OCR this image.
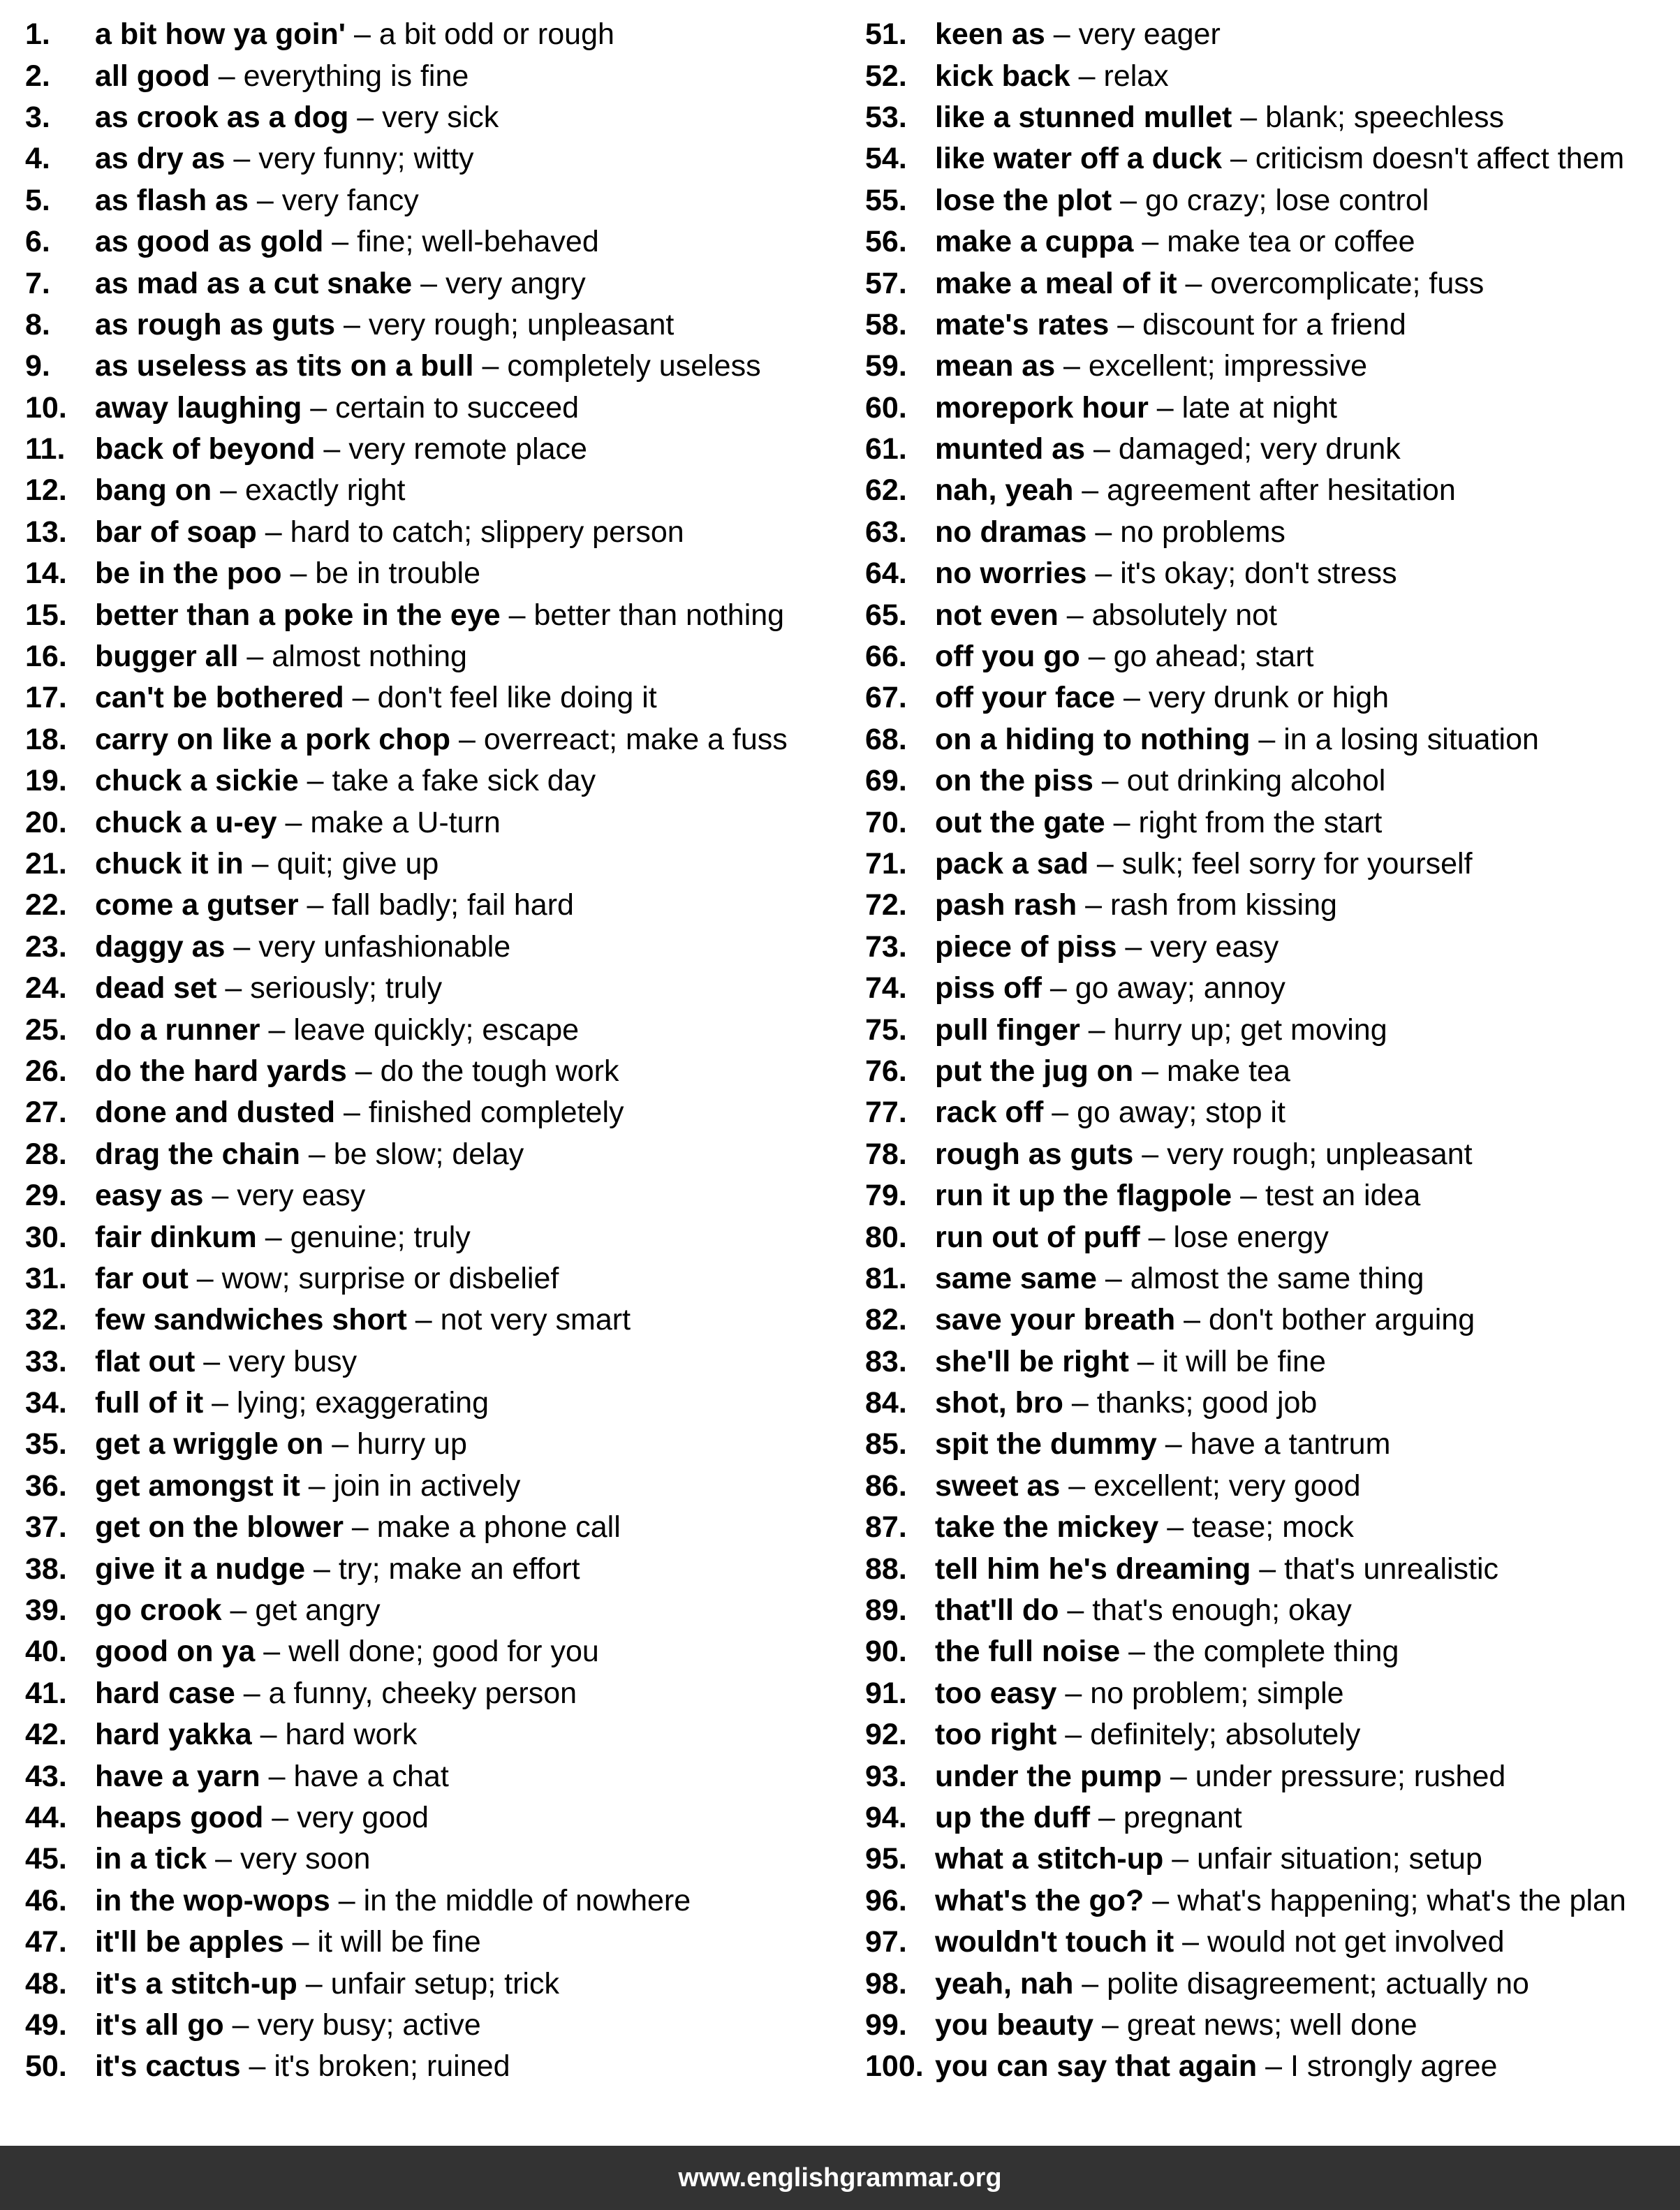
1.	a bit how ya goin' – a bit odd or rough
2.	all good – everything is fine
3.	as crook as a dog – very sick
4.	as dry as – very funny; witty
5.	as flash as – very fancy
6.	as good as gold – fine; well-behaved
7.	as mad as a cut snake – very angry
8.	as rough as guts – very rough; unpleasant
9.	as useless as tits on a bull – completely useless
10. away laughing – certain to succeed
11. back of beyond – very remote place
12. bang on – exactly right
13. bar of soap – hard to catch; slippery person
14. be in the poo – be in trouble
15. better than a poke in the eye – better than nothing
16. bugger all – almost nothing
17. can't be bothered – don't feel like doing it
18. carry on like a pork chop – overreact; make a fuss
19. chuck a sickie – take a fake sick day
20. chuck a u-ey – make a U-turn
21. chuck it in – quit; give up
22. come a gutser – fall badly; fail hard
23. daggy as – very unfashionable
24. dead set – seriously; truly
25. do a runner – leave quickly; escape
26. do the hard yards – do the tough work
27. done and dusted – finished completely
28. drag the chain – be slow; delay
29. easy as – very easy
30. fair dinkum – genuine; truly
31. far out – wow; surprise or disbelief
32. few sandwiches short – not very smart
33. flat out – very busy
34. full of it – lying; exaggerating
35. get a wriggle on – hurry up
36. get amongst it – join in actively
37. get on the blower – make a phone call
38. give it a nudge – try; make an effort
39. go crook – get angry
40. good on ya – well done; good for you
41. hard case – a funny, cheeky person
42. hard yakka – hard work
43. have a yarn – have a chat
44. heaps good – very good
45. in a tick – very soon
46. in the wop-wops – in the middle of nowhere
47. it'll be apples – it will be fine
48. it's a stitch-up – unfair setup; trick
49. it's all go – very busy; active
50. it's cactus – it's broken; ruined
51. keen as – very eager
52. kick back – relax
53. like a stunned mullet – blank; speechless
54. like water off a duck – criticism doesn't affect them
55. lose the plot – go crazy; lose control
56. make a cuppa – make tea or coffee
57. make a meal of it – overcomplicate; fuss
58. mate's rates – discount for a friend
59. mean as – excellent; impressive
60. morepork hour – late at night
61. munted as – damaged; very drunk
62. nah, yeah – agreement after hesitation
63. no dramas – no problems
64. no worries – it's okay; don't stress
65. not even – absolutely not
66. off you go – go ahead; start
67. off your face – very drunk or high
68. on a hiding to nothing – in a losing situation
69. on the piss – out drinking alcohol
70. out the gate – right from the start
71. pack a sad – sulk; feel sorry for yourself
72. pash rash – rash from kissing
73. piece of piss – very easy
74. piss off – go away; annoy
75. pull finger – hurry up; get moving
76. put the jug on – make tea
77. rack off – go away; stop it
78. rough as guts – very rough; unpleasant
79. run it up the flagpole – test an idea
80. run out of puff – lose energy
81. same same – almost the same thing
82. save your breath – don't bother arguing
83. she'll be right – it will be fine
84. shot, bro – thanks; good job
85. spit the dummy – have a tantrum
86. sweet as – excellent; very good
87. take the mickey – tease; mock
88. tell him he's dreaming – that's unrealistic
89. that'll do – that's enough; okay
90. the full noise – the complete thing
91. too easy – no problem; simple
92. too right – definitely; absolutely
93. under the pump – under pressure; rushed
94. up the duff – pregnant
95. what a stitch-up – unfair situation; setup
96. what's the go? – what's happening; what's the plan
97. wouldn't touch it – would not get involved
98. yeah, nah – polite disagreement; actually no
99. you beauty – great news; well done
100. you can say that again – I strongly agree
www.englishgrammar.org
